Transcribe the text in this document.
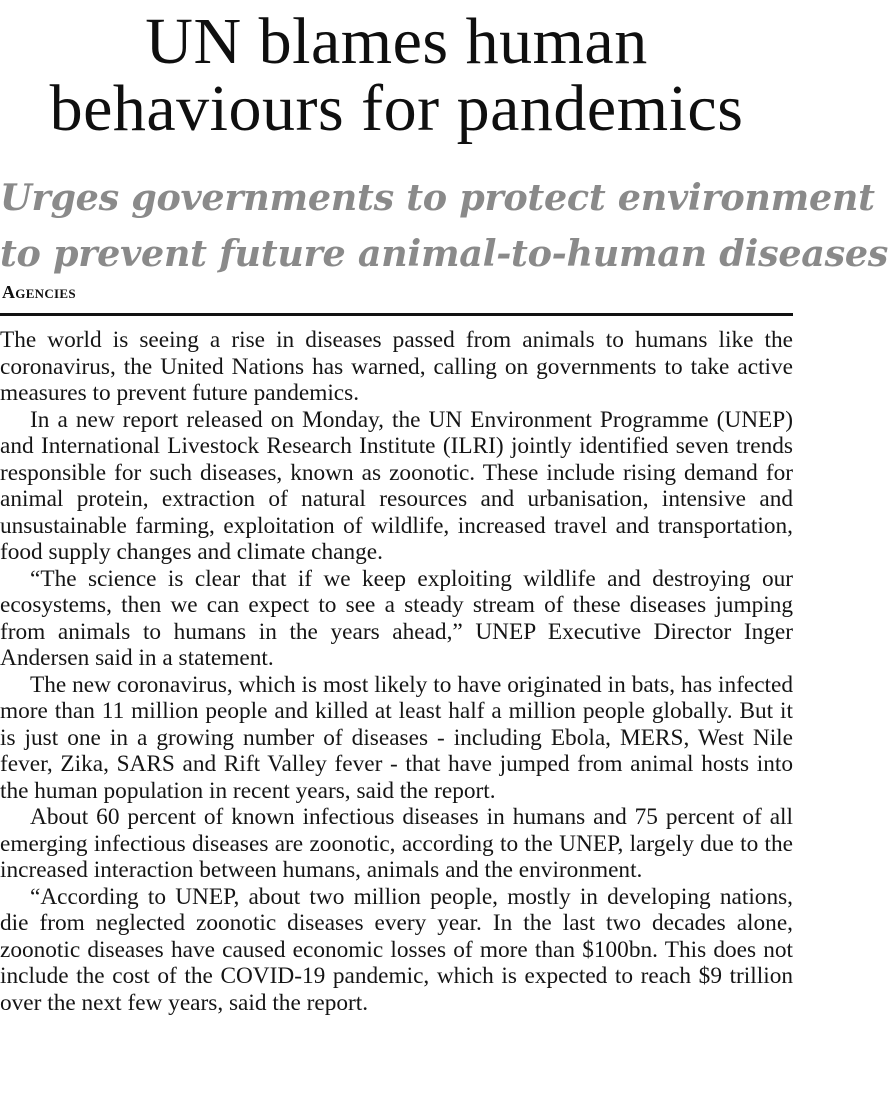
UN blames human
behaviours for pandemics
Urges governments to protect environment
to prevent future animal-to-human diseases
Agencies

The world is seeing a rise in diseases passed from animals to humans like the coronavirus, the United Nations has warned, calling on governments to take active measures to prevent future pandemics.

In a new report released on Monday, the UN Environment Programme (UNEP) and International Livestock Research Institute (ILRI) jointly identified seven trends responsible for such diseases, known as zoonotic. These include rising demand for animal protein, extraction of natural resources and urbanisation, intensive and unsustainable farming, exploitation of wildlife, increased travel and transportation, food supply changes and climate change.

“The science is clear that if we keep exploiting wildlife and destroying our ecosystems, then we can expect to see a steady stream of these diseases jumping from animals to humans in the years ahead,” UNEP Executive Director Inger Andersen said in a statement.

The new coronavirus, which is most likely to have originated in bats, has infected more than 11 million people and killed at least half a million people globally. But it is just one in a growing number of diseases - including Ebola, MERS, West Nile fever, Zika, SARS and Rift Valley fever - that have jumped from animal hosts into the human population in recent years, said the report.

About 60 percent of known infectious diseases in humans and 75 percent of all emerging infectious diseases are zoonotic, according to the UNEP, largely due to the increased interaction between humans, animals and the environment.

“According to UNEP, about two million people, mostly in developing nations, die from neglected zoonotic diseases every year. In the last two decades alone, zoonotic diseases have caused economic losses of more than $100bn. This does not include the cost of the COVID-19 pandemic, which is expected to reach $9 trillion over the next few years, said the report.
